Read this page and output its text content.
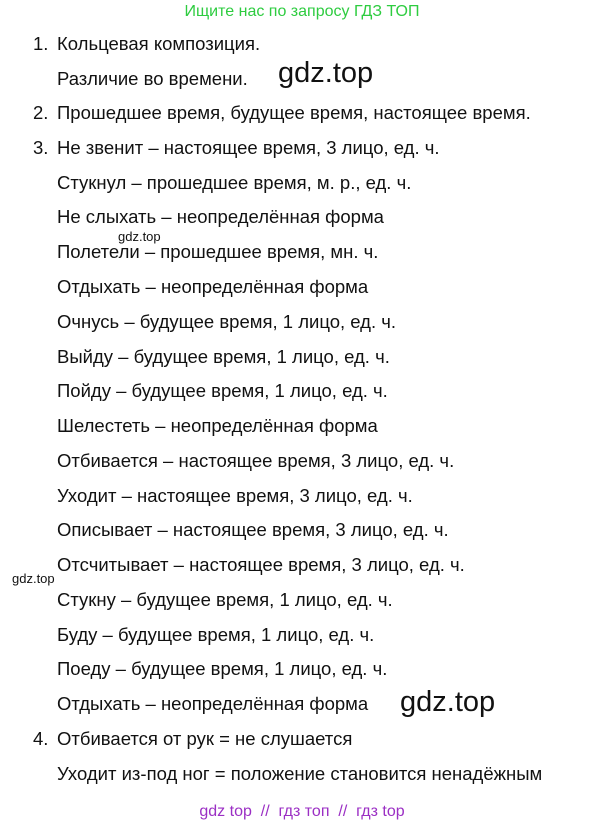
Ищите нас по запросу ГДЗ ТОП
1. Кольцевая композиция.
Различие во времени. gdz.top
2. Прошедшее время, будущее время, настоящее время.
3. Не звенит – настоящее время, 3 лицо, ед. ч.
Стукнул – прошедшее время, м. р., ед. ч.
Не слыхать – неопределённая форма
gdz.top
Полетели – прошедшее время, мн. ч.
Отдыхать – неопределённая форма
Очнусь – будущее время, 1 лицо, ед. ч.
Выйду – будущее время, 1 лицо, ед. ч.
Пойду – будущее время, 1 лицо, ед. ч.
Шелестеть – неопределённая форма
Отбивается – настоящее время, 3 лицо, ед. ч.
Уходит – настоящее время, 3 лицо, ед. ч.
Описывает – настоящее время, 3 лицо, ед. ч.
Отсчитывает – настоящее время, 3 лицо, ед. ч.
gdz.top
Стукну – будущее время, 1 лицо, ед. ч.
Буду – будущее время, 1 лицо, ед. ч.
Поеду – будущее время, 1 лицо, ед. ч.
Отдыхать – неопределённая форма gdz.top
4. Отбивается от рук = не слушается
Уходит из-под ног = положение становится ненадёжным
gdz top  //  гдз топ  //  гдз top
